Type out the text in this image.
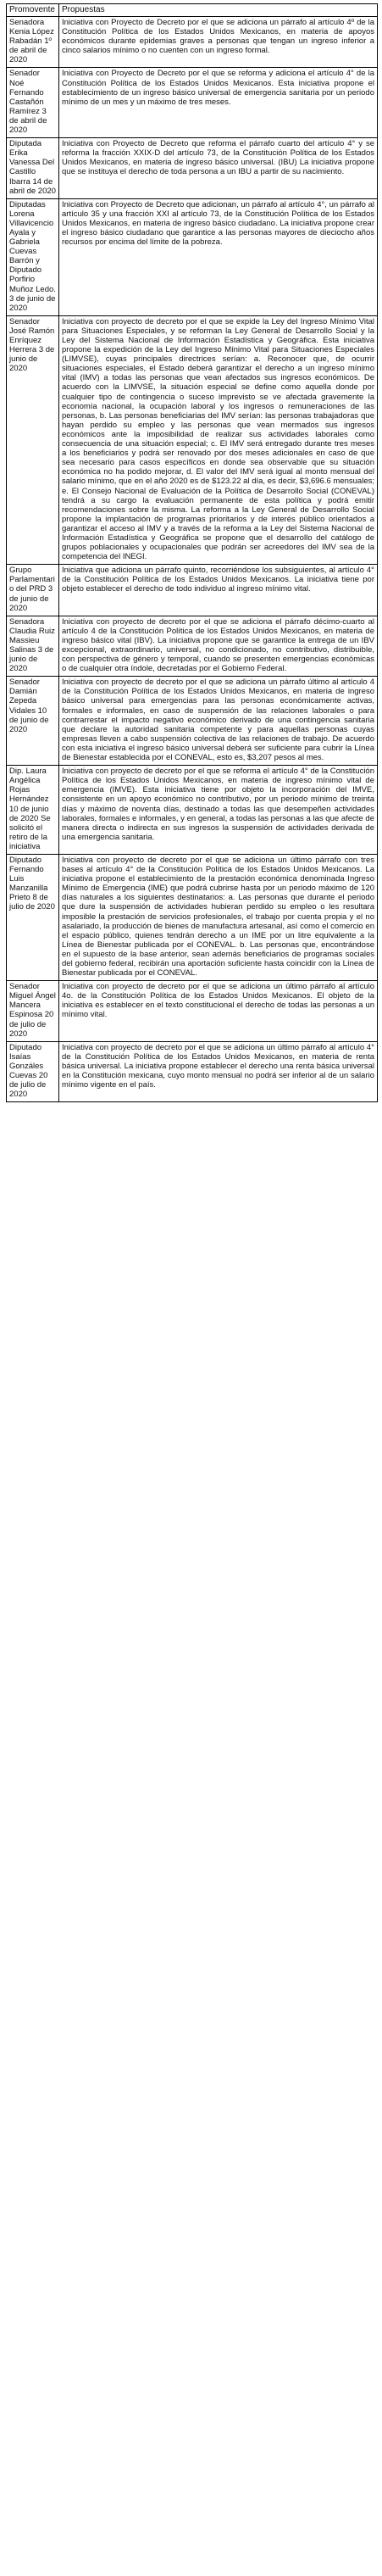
Promovente	Propuestas
Senadora Kenia López Rabadán 1º de abril de 2020	Iniciativa con Proyecto de Decreto por el que se adiciona un párrafo al artículo 4º de la Constitución Política de los Estados Unidos Mexicanos, en materia de apoyos económicos durante epidemias graves a personas que tengan un ingreso inferior a cinco salarios mínimo o no cuenten con un ingreso formal.
Senador Noé Fernando Castañón Ramírez 3 de abril de 2020	Iniciativa con Proyecto de Decreto por el que se reforma y adiciona el artículo 4° de la Constitución Política de los Estados Unidos Mexicanos. Esta iniciativa propone el establecimiento de un ingreso básico universal de emergencia sanitaria por un periodo mínimo de un mes y un máximo de tres meses.
Diputada Erika Vanessa Del Castillo Ibarra 14 de abril de 2020	Iniciativa con Proyecto de Decreto que reforma el párrafo cuarto del artículo 4° y se reforma la fracción XXIX-D del artículo 73, de la Constitución Política de los Estados Unidos Mexicanos, en materia de ingreso básico universal. (IBU) La iniciativa propone que se instituya el derecho de toda persona a un IBU a partir de su nacimiento.
Diputadas Lorena Villavicencio Ayala y Gabriela Cuevas Barrón y Diputado Porfirio Muñoz Ledo. 3 de junio de 2020	Iniciativa con Proyecto de Decreto que adicionan, un párrafo al artículo 4°, un párrafo al artículo 35 y una fracción XXI al artículo 73, de la Constitución Política de los Estados Unidos Mexicanos, en materia de ingreso básico ciudadano. La iniciativa propone crear el ingreso básico ciudadano que garantice a las personas mayores de dieciocho años recursos por encima del límite de la pobreza.
Senador José Ramón Enríquez Herrera 3 de junio de 2020	Iniciativa con proyecto de decreto por el que se expide la Ley del Ingreso Mínimo Vital para Situaciones Especiales, y se reforman la Ley General de Desarrollo Social y la Ley del Sistema Nacional de Información Estadística y Geográfica. Esta iniciativa propone la expedición de la Ley del Ingreso Mínimo Vital para Situaciones Especiales (LIMVSE), cuyas principales directrices serían: a. Reconocer que, de ocurrir situaciones especiales, el Estado deberá garantizar el derecho a un ingreso mínimo vital (IMV) a todas las personas que vean afectados sus ingresos económicos. De acuerdo con la LIMVSE, la situación especial se define como aquella donde por cualquier tipo de contingencia o suceso imprevisto se ve afectada gravemente la economía nacional, la ocupación laboral y los ingresos o remuneraciones de las personas, b. Las personas beneficiarias del IMV serían: las personas trabajadoras que hayan perdido su empleo y las personas que vean mermados sus ingresos económicos ante la imposibilidad de realizar sus actividades laborales como consecuencia de una situación especial; c. El IMV será entregado durante tres meses a los beneficiarios y podrá ser renovado por dos meses adicionales en caso de que sea necesario para casos específicos en donde sea observable que su situación económica no ha podido mejorar, d. El valor del IMV será igual al monto mensual del salario mínimo, que en el año 2020 es de $123.22 al día, es decir, $3,696.6 mensuales; e. El Consejo Nacional de Evaluación de la Política de Desarrollo Social (CONEVAL) tendrá a su cargo la evaluación permanente de esta política y podrá emitir recomendaciones sobre la misma. La reforma a la Ley General de Desarrollo Social propone la implantación de programas prioritarios y de interés público orientados a garantizar el acceso al IMV y a través de la reforma a la Ley del Sistema Nacional de Información Estadística y Geográfica se propone que el desarrollo del catálogo de grupos poblacionales y ocupacionales que podrán ser acreedores del IMV sea de la competencia del INEGI.
Grupo Parlamentario del PRD 3 de junio de 2020	Iniciativa que adiciona un párrafo quinto, recorriéndose los subsiguientes, al artículo 4° de la Constitución Política de los Estados Unidos Mexicanos. La iniciativa tiene por objeto establecer el derecho de todo individuo al ingreso mínimo vital.
Senadora Claudia Ruiz Massieu Salinas 3 de junio de 2020	Iniciativa con proyecto de decreto por el que se adiciona el párrafo décimo-cuarto al artículo 4 de la Constitución Política de los Estados Unidos Mexicanos, en materia de ingreso básico vital (IBV). La iniciativa propone que se garantice la entrega de un IBV excepcional, extraordinario, universal, no condicionado, no contributivo, distribuible, con perspectiva de género y temporal, cuando se presenten emergencias económicas o de cualquier otra índole, decretadas por el Gobierno Federal.
Senador Damián Zepeda Vidales 10 de junio de 2020	Iniciativa con proyecto de decreto por el que se adiciona un párrafo último al artículo 4 de la Constitución Política de los Estados Unidos Mexicanos, en materia de ingreso básico universal para emergencias para las personas económicamente activas, formales e informales, en caso de suspensión de las relaciones laborales o para contrarrestar el impacto negativo económico derivado de una contingencia sanitaria que declare la autoridad sanitaria competente y para aquellas personas cuyas empresas lleven a cabo suspensión colectiva de las relaciones de trabajo. De acuerdo con esta iniciativa el ingreso básico universal deberá ser suficiente para cubrir la Línea de Bienestar establecida por el CONEVAL, esto es, $3,207 pesos al mes.
Dip. Laura Angélica Rojas Hernández 10 de junio de 2020 Se solicitó el retiro de la iniciativa	Iniciativa con proyecto de decreto por el que se reforma el artículo 4° de la Constitución Política de los Estados Unidos Mexicanos, en materia de ingreso mínimo vital de emergencia (IMVE). Esta iniciativa tiene por objeto la incorporación del IMVE, consistente en un apoyo económico no contributivo, por un periodo mínimo de treinta días y máximo de noventa días, destinado a todas las que desempeñen actividades laborales, formales e informales, y en general, a todas las personas a las que afecte de manera directa o indirecta en sus ingresos la suspensión de actividades derivada de una emergencia sanitaria.
Diputado Fernando Luis Manzanilla Prieto 8 de julio de 2020	Iniciativa con proyecto de decreto por el que se adiciona un último párrafo con tres bases al artículo 4° de la Constitución Política de los Estados Unidos Mexicanos. La iniciativa propone el establecimiento de la prestación económica denominada Ingreso Mínimo de Emergencia (IME) que podrá cubrirse hasta por un periodo máximo de 120 días naturales a los siguientes destinatarios: a. Las personas que durante el periodo que dure la suspensión de actividades hubieran perdido su empleo o les resultara imposible la prestación de servicios profesionales, el trabajo por cuenta propia y el no asalariado, la producción de bienes de manufactura artesanal, así como el comercio en el espacio público, quienes tendrán derecho a un IME por un litre equivalente a la Línea de Bienestar publicada por el CONEVAL. b. Las personas que, encontrándose en el supuesto de la base anterior, sean además beneficiarios de programas sociales del gobierno federal, recibirán una aportación suficiente hasta coincidir con la Línea de Bienestar publicada por el CONEVAL.
Senador Miguel Ángel Mancera Espinosa 20 de julio de 2020	Iniciativa con proyecto de decreto por el que se adiciona un último párrafo al artículo 4o. de la Constitución Política de los Estados Unidos Mexicanos. El objeto de la iniciativa es establecer en el texto constitucional el derecho de todas las personas a un mínimo vital.
Diputado Isaías Gonzáles Cuevas 20 de julio de 2020	Iniciativa con proyecto de decreto por el que se adiciona un último párrafo al artículo 4° de la Constitución Política de los Estados Unidos Mexicanos, en materia de renta básica universal. La iniciativa propone establecer el derecho una renta básica universal en la Constitución mexicana, cuyo monto mensual no podrá ser inferior al de un salario mínimo vigente en el país.
